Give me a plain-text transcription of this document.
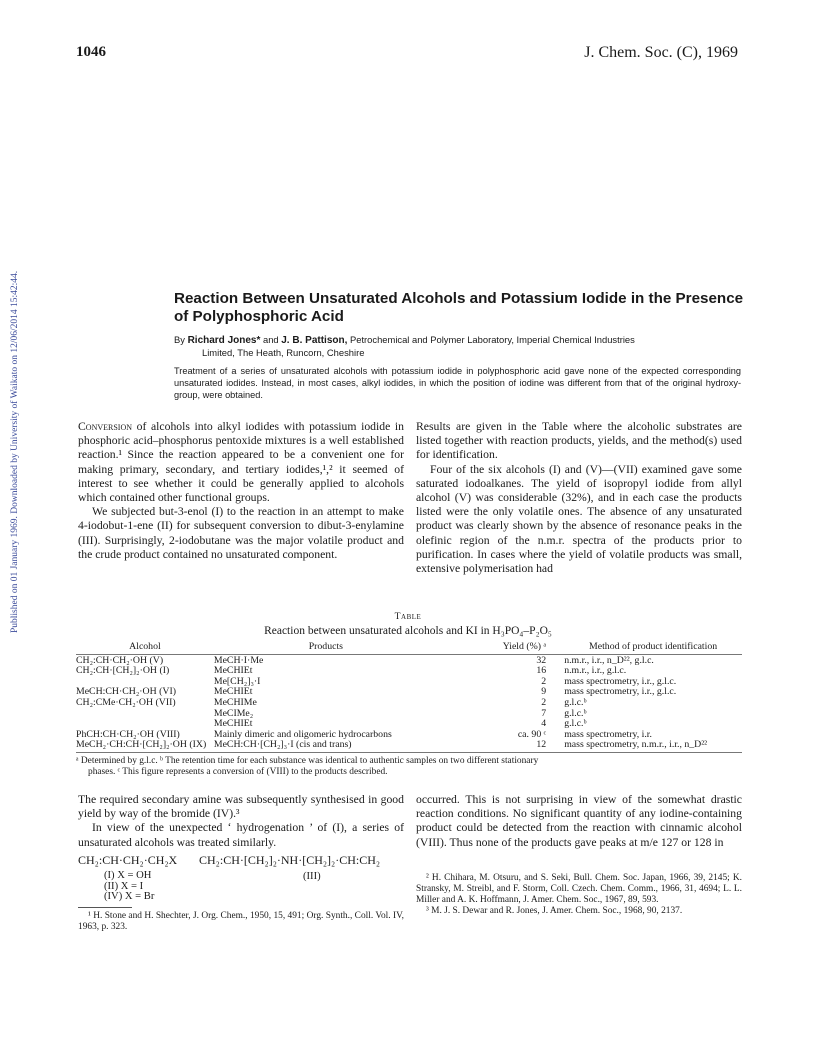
1046	J. Chem. Soc. (C), 1969
Published on 01 January 1969. Downloaded by University of Waikato on 12/06/2014 15:42:44.	Reaction Between Unsaturated Alcohols and Potassium Iodide in the Presence of Polyphosphoric Acid
By Richard Jones* and J. B. Pattison, Petrochemical and Polymer Laboratory, Imperial Chemical Industries
Limited, The Heath, Runcorn, Cheshire
Treatment of a series of unsaturated alcohols with potassium iodide in polyphosphoric acid gave none of the expected corresponding unsaturated iodides. Instead, in most cases, alkyl iodides, in which the position of iodine was different from that of the original hydroxy-group, were obtained.

Conversion of alcohols into alkyl iodides with potassium iodide in phosphoric acid–phosphorus pentoxide mixtures is a well established reaction.¹ Since the reaction appeared to be a convenient one for making primary, secondary, and tertiary iodides,¹,² it seemed of interest to see whether it could be generally applied to alcohols which contained other functional groups.

We subjected but-3-enol (I) to the reaction in an attempt to make 4-iodobut-1-ene (II) for subsequent conversion to dibut-3-enylamine (III). Surprisingly, 2-iodobutane was the major volatile product and the crude product contained no unsaturated component.

Results are given in the Table where the alcoholic substrates are listed together with reaction products, yields, and the method(s) used for identification.

Four of the six alcohols (I) and (V)—(VII) examined gave some saturated iodoalkanes. The yield of isopropyl iodide from allyl alcohol (V) was considerable (32%), and in each case the products listed were the only volatile ones. The absence of any unsaturated product was clearly shown by the absence of resonance peaks in the olefinic region of the n.m.r. spectra of the products prior to purification. In cases where the yield of volatile products was small, extensive polymerisation had

Table
Reaction between unsaturated alcohols and KI in H₃PO₄–P₂O₅
Alcohol	Products	Yield (%) ᵃ	Method of product identification
CH₂:CH·CH₂·OH (V)	MeCH·I·Me	32	n.m.r., i.r., n_D²², g.l.c.
CH₂:CH·[CH₂]₂·OH (I)	MeCHIEt	16	n.m.r., i.r., g.l.c.
	Me[CH₂]₃·I	2	mass spectrometry, i.r., g.l.c.
MeCH:CH·CH₂·OH (VI)	MeCHIEt	9	mass spectrometry, i.r., g.l.c.
CH₂:CMe·CH₂·OH (VII)	MeCHIMe	2	g.l.c.ᵇ
	MeCIMe₂	7	g.l.c.ᵇ
	MeCHIEt	4	g.l.c.ᵇ
PhCH:CH·CH₂·OH (VIII)	Mainly dimeric and oligomeric hydrocarbons	ca. 90 ᶜ	mass spectrometry, i.r.
MeCH₂·CH:CH·[CH₂]₂·OH (IX)	MeCH:CH·[CH₂]₃·I (cis and trans)	12	mass spectrometry, n.m.r., i.r., n_D²²
ᵃ Determined by g.l.c. ᵇ The retention time for each substance was identical to authentic samples on two different stationary
phases. ᶜ This figure represents a conversion of (VIII) to the products described.

The required secondary amine was subsequently synthesised in good yield by way of the bromide (IV).³

In view of the unexpected ‘ hydrogenation ’ of (I), a series of unsaturated alcohols was treated similarly.

CH₂:CH·CH₂·CH₂X CH₂:CH·[CH₂]₂·NH·[CH₂]₂·CH:CH₂
(I) X = OH
(II) X = I
(IV) X = Br
(III)

¹ H. Stone and H. Shechter, J. Org. Chem., 1950, 15, 491; Org. Synth., Coll. Vol. IV, 1963, p. 323.

occurred. This is not surprising in view of the somewhat drastic reaction conditions. No significant quantity of any iodine-containing product could be detected from the reaction with cinnamic alcohol (VIII). Thus none of the products gave peaks at m/e 127 or 128 in

² H. Chihara, M. Otsuru, and S. Seki, Bull. Chem. Soc. Japan, 1966, 39, 2145; K. Stransky, M. Streibl, and F. Storm, Coll. Czech. Chem. Comm., 1966, 31, 4694; L. L. Miller and A. K. Hoffmann, J. Amer. Chem. Soc., 1967, 89, 593.

³ M. J. S. Dewar and R. Jones, J. Amer. Chem. Soc., 1968, 90, 2137.
